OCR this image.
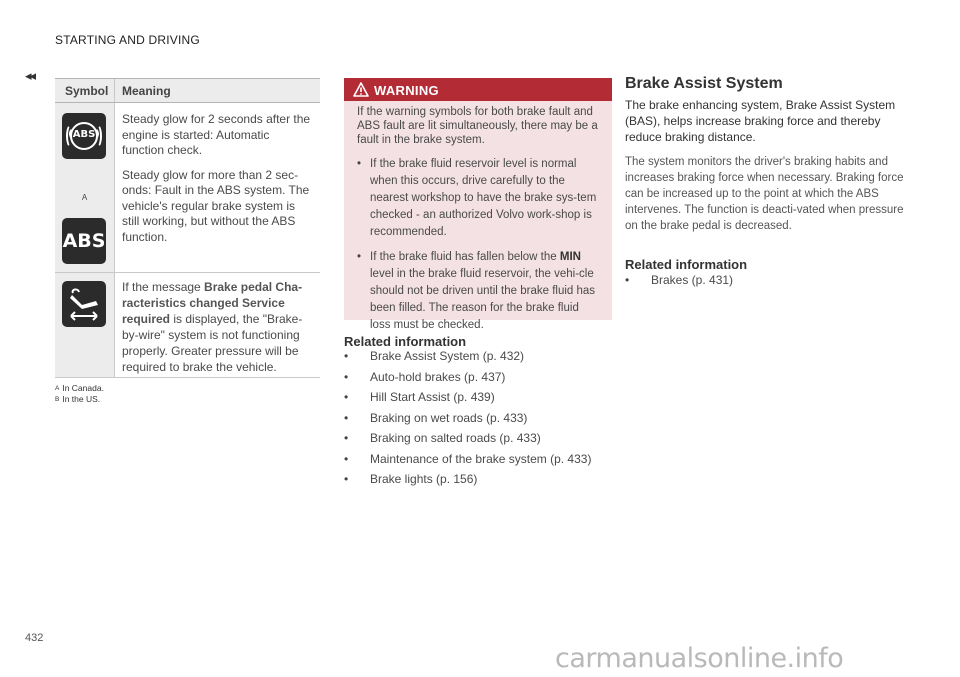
STARTING AND DRIVING
◂◂
Symbol Meaning
(ABS)
A
ABS

Steady glow for 2 seconds after the engine is started: Automatic function check.

Steady glow for more than 2 sec-onds: Fault in the ABS system. The vehicle's regular brake system is still working, but without the ABS function.

If the message Brake pedal Cha-racteristics changed Service required is displayed, the "Brake-by-wire" system is not functioning properly. Greater pressure will be required to brake the vehicle.
$^A$ In Canada.
$^B$ In the US.
WARNING

If the warning symbols for both brake fault and ABS fault are lit simultaneously, there may be a fault in the brake system.

• If the brake fluid reservoir level is normal when this occurs, drive carefully to the nearest workshop to have the brake sys-tem checked - an authorized Volvo work-shop is recommended.
• If the brake fluid has fallen below the MIN level in the brake fluid reservoir, the vehi-cle should not be driven until the brake fluid has been filled. The reason for the brake fluid loss must be checked.
Related information
• Brake Assist System (p. 432)
• Auto-hold brakes (p. 437)
• Hill Start Assist (p. 439)
• Braking on wet roads (p. 433)
• Braking on salted roads (p. 433)
• Maintenance of the brake system (p. 433)
• Brake lights (p. 156)
Brake Assist System
The brake enhancing system, Brake Assist System (BAS), helps increase braking force and thereby reduce braking distance.
The system monitors the driver's braking habits and increases braking force when necessary. Braking force can be increased up to the point at which the ABS intervenes. The function is deacti-vated when pressure on the brake pedal is decreased.
Related information
• Brakes (p. 431)
432
carmanualsonline.info
